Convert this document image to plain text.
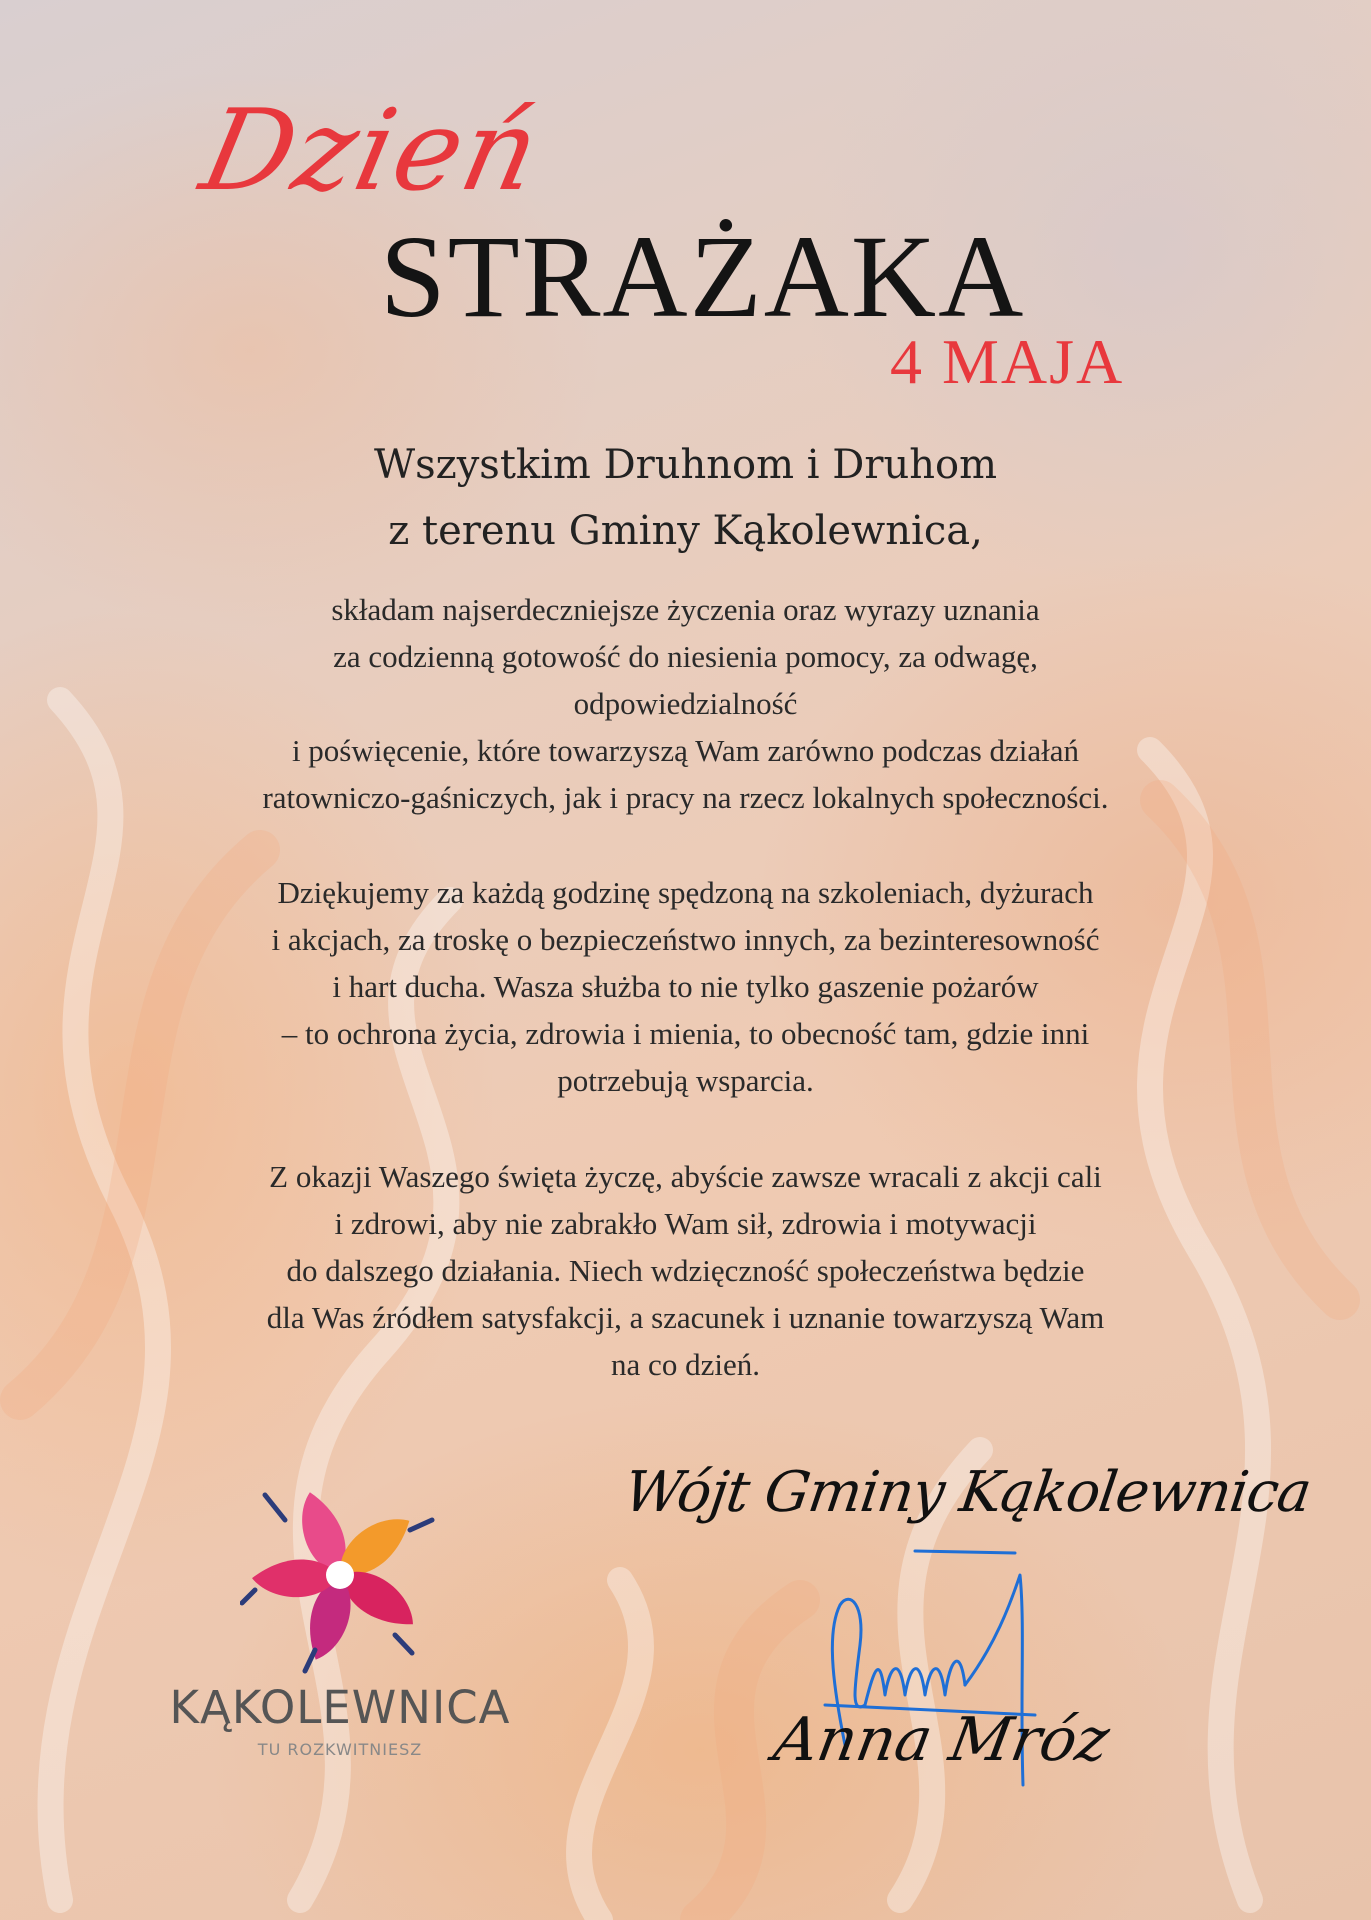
Dzień
STRAŻAKA
4 MAJA
Wszystkim Druhnom i Druhom
z terenu Gminy Kąkolewnica,
składam najserdeczniejsze życzenia oraz wyrazy uznania
za codzienną gotowość do niesienia pomocy, za odwagę,
odpowiedzialność
i poświęcenie, które towarzyszą Wam zarówno podczas działań
ratowniczo-gaśniczych, jak i pracy na rzecz lokalnych społeczności.
Dziękujemy za każdą godzinę spędzoną na szkoleniach, dyżurach
i akcjach, za troskę o bezpieczeństwo innych, za bezinteresowność
i hart ducha. Wasza służba to nie tylko gaszenie pożarów
– to ochrona życia, zdrowia i mienia, to obecność tam, gdzie inni
potrzebują wsparcia.
Z okazji Waszego święta życzę, abyście zawsze wracali z akcji cali
i zdrowi, aby nie zabrakło Wam sił, zdrowia i motywacji
do dalszego działania. Niech wdzięczność społeczeństwa będzie
dla Was źródłem satysfakcji, a szacunek i uznanie towarzyszą Wam
na co dzień.
KĄKOLEWNICA
TU ROZKWITNIESZ
Wójt Gminy Kąkolewnica
Anna Mróz
